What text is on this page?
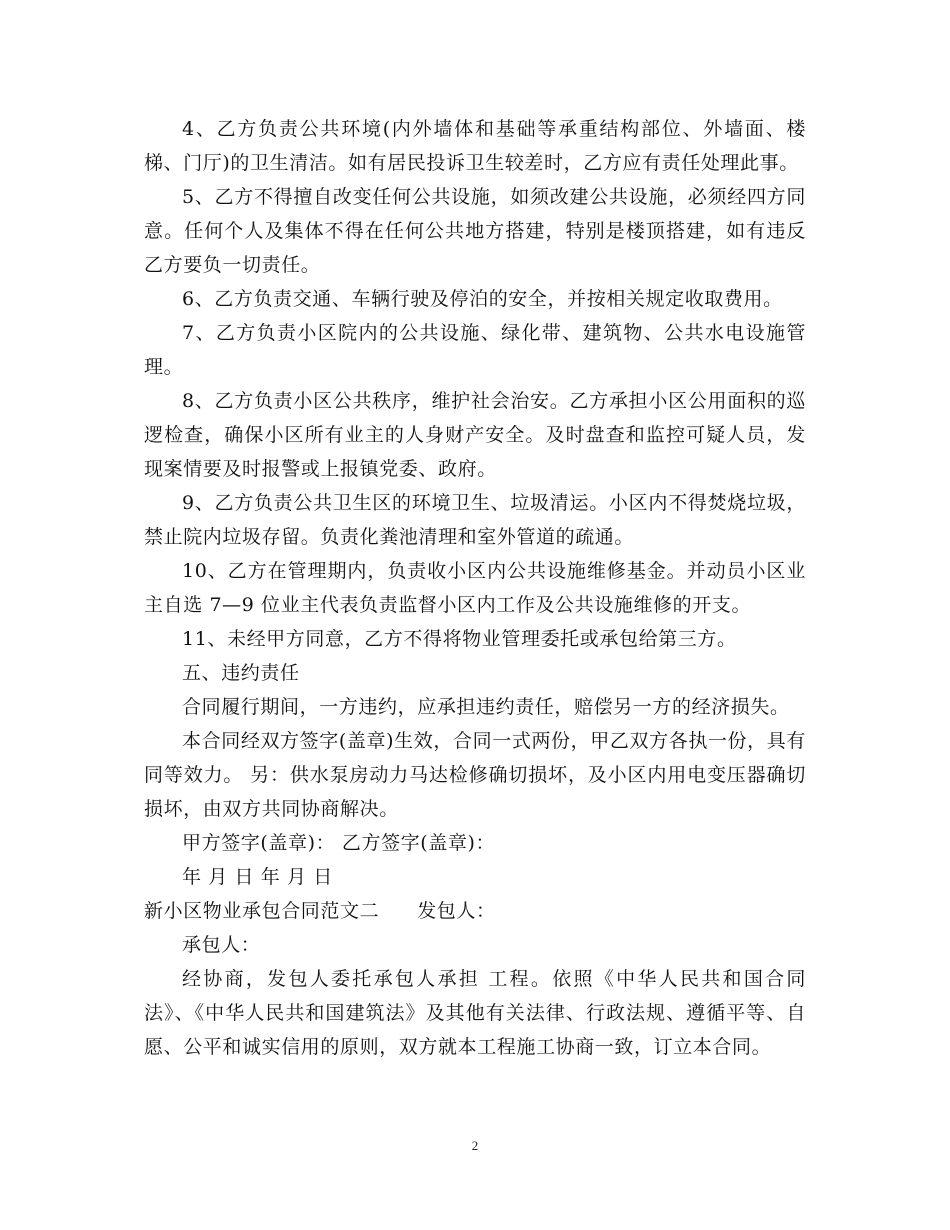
4、乙方负责公共环境(内外墙体和基础等承重结构部位、外墙面、楼梯、门厅)的卫生清洁。如有居民投诉卫生较差时，乙方应有责任处理此事。

5、乙方不得擅自改变任何公共设施，如须改建公共设施，必须经四方同意。任何个人及集体不得在任何公共地方搭建，特别是楼顶搭建，如有违反乙方要负一切责任。

6、乙方负责交通、车辆行驶及停泊的安全，并按相关规定收取费用。

7、乙方负责小区院内的公共设施、绿化带、建筑物、公共水电设施管理。

8、乙方负责小区公共秩序，维护社会治安。乙方承担小区公用面积的巡逻检查，确保小区所有业主的人身财产安全。及时盘查和监控可疑人员，发现案情要及时报警或上报镇党委、政府。

9、乙方负责公共卫生区的环境卫生、垃圾清运。小区内不得焚烧垃圾，禁止院内垃圾存留。负责化粪池清理和室外管道的疏通。

10、乙方在管理期内，负责收小区内公共设施维修基金。并动员小区业主自选 7—9 位业主代表负责监督小区内工作及公共设施维修的开支。

11、未经甲方同意，乙方不得将物业管理委托或承包给第三方。

五、违约责任

合同履行期间，一方违约，应承担违约责任，赔偿另一方的经济损失。

本合同经双方签字(盖章)生效，合同一式两份，甲乙双方各执一份，具有同等效力。 另：供水泵房动力马达检修确切损坏，及小区内用电变压器确切损坏，由双方共同协商解决。

甲方签字(盖章)： 乙方签字(盖章)：

年 月 日 年 月 日

新小区物业承包合同范文二 发包人：

承包人：

经协商，发包人委托承包人承担 工程。依照《中华人民共和国合同法》、《中华人民共和国建筑法》及其他有关法律、行政法规、遵循平等、自愿、公平和诚实信用的原则，双方就本工程施工协商一致，订立本合同。

2
